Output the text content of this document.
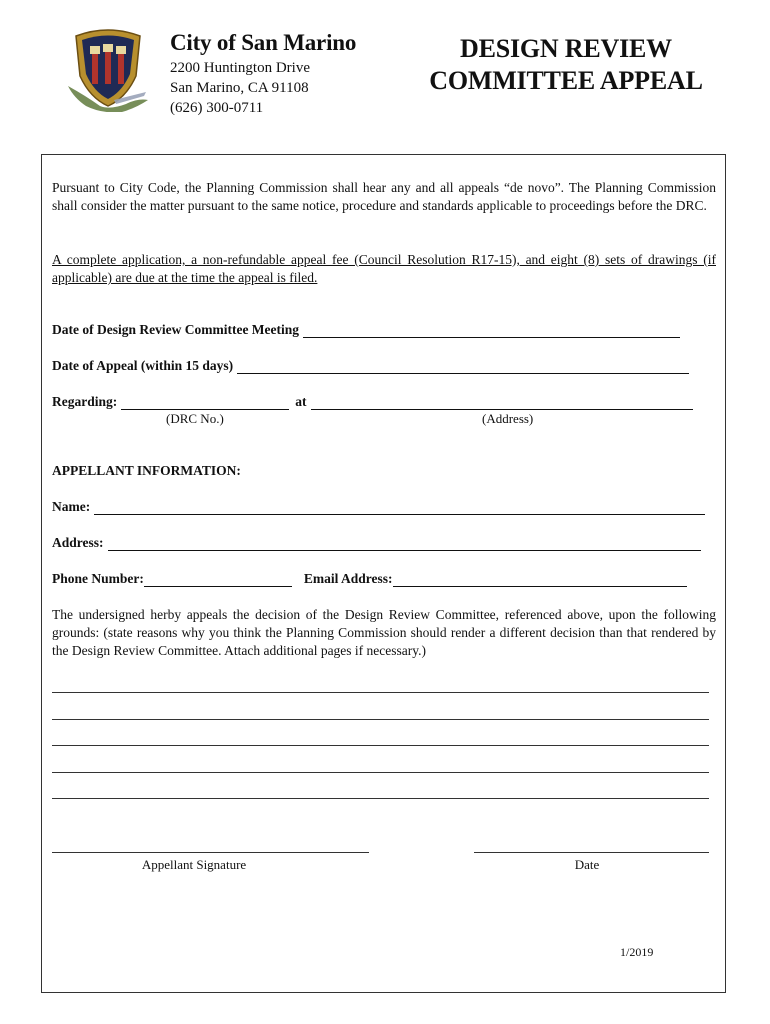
City of San Marino
2200 Huntington Drive
San Marino, CA 91108
(626) 300-0711
DESIGN REVIEW
COMMITTEE APPEAL
Pursuant to City Code, the Planning Commission shall hear any and all appeals “de novo”. The Planning Commission shall consider the matter pursuant to the same notice, procedure and standards applicable to proceedings before the DRC.
A complete application, a non-refundable appeal fee (Council Resolution R17-15), and eight (8) sets of drawings (if applicable) are due at the time the appeal is filed.
Date of Design Review Committee Meeting
Date of Appeal (within 15 days)
Regarding:	at
(DRC No.)	(Address)
APPELLANT INFORMATION:
Name:
Address:
Phone Number:	Email Address:
The undersigned herby appeals the decision of the Design Review Committee, referenced above, upon the following grounds: (state reasons why you think the Planning Commission should render a different decision than that rendered by the Design Review Committee. Attach additional pages if necessary.)
Appellant Signature	Date
1/2019
